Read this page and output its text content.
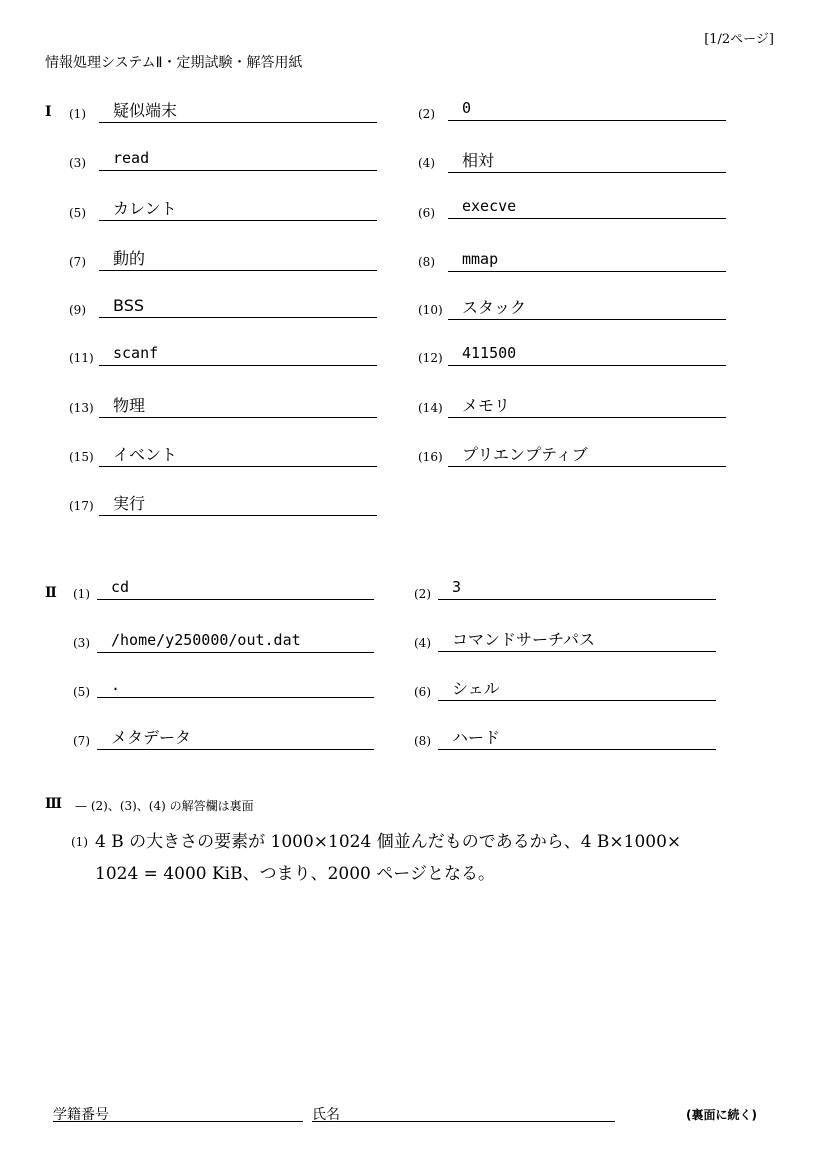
[1/2ページ]
情報処理システムⅡ・定期試験・解答用紙
I (1)	疑似端末	(2)	0
(3)	read	(4)	相対
(5)	カレント	(6)	execve
(7)	動的	(8)	mmap
(9)	BSS	(10)	スタック
(11)	scanf	(12)	411500
(13)	物理	(14)	メモリ
(15)	イベント	(16)	プリエンプティブ
(17)	実行
Ⅱ (1)	cd	(2)	3
(3)	/home/y250000/out.dat	(4)	コマンドサーチパス
(5)	.	(6)	シェル
(7)	メタデータ	(8)	ハード
Ⅲ — (2)、(3)、(4) の解答欄は裏面
(1) 4 B の大きさの要素が 1000×1024 個並んだものであるから、4 B×1000×
1024 = 4000 KiB、つまり、2000 ページとなる。
学籍番号	氏名	(裏面に続く)
